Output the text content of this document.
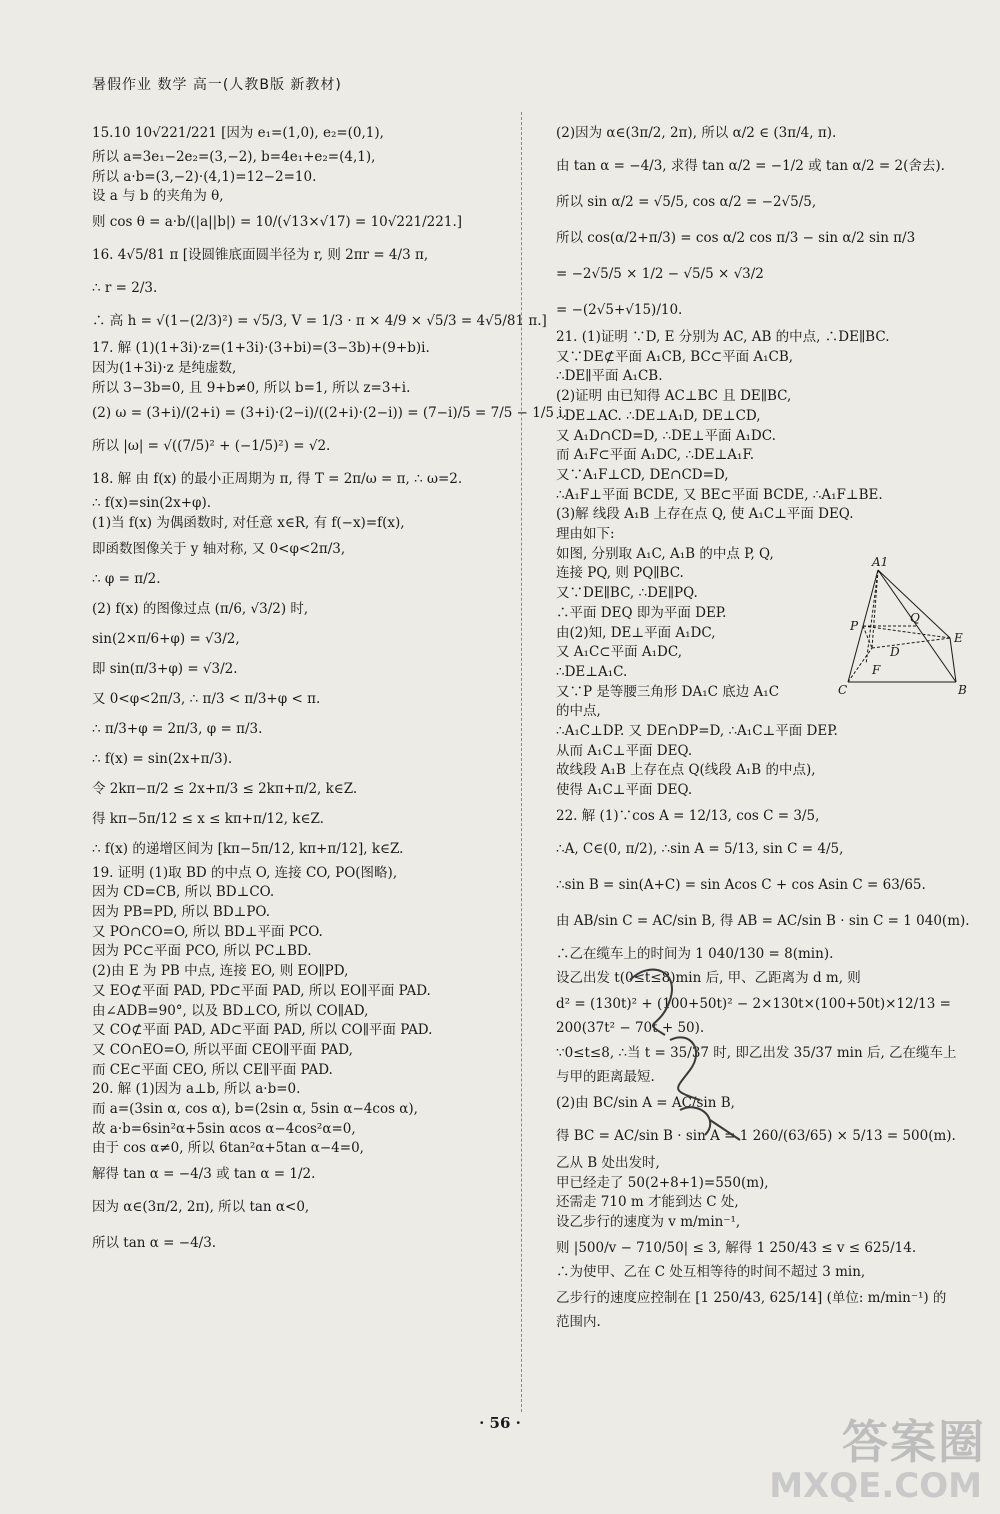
暑假作业 数学 高一(人教B版 新教材)
15.10 10√221/221 [因为 e₁=(1,0), e₂=(0,1),
所以 a=3e₁−2e₂=(3,−2), b=4e₁+e₂=(4,1),
所以 a·b=(3,−2)·(4,1)=12−2=10.
设 a 与 b 的夹角为 θ,
则 cos θ = a·b/(|a||b|) = 10/(√13×√17) = 10√221/221.]
16. 4√5/81 π [设圆锥底面圆半径为 r, 则 2πr = 4/3 π,
∴ r = 2/3.
∴ 高 h = √(1−(2/3)²) = √5/3, V = 1/3 · π × 4/9 × √5/3 = 4√5/81 π.]
17. 解 (1)(1+3i)·z=(1+3i)·(3+bi)=(3−3b)+(9+b)i.
因为(1+3i)·z 是纯虚数,
所以 3−3b=0, 且 9+b≠0, 所以 b=1, 所以 z=3+i.
(2) ω = (3+i)/(2+i) = (3+i)·(2−i)/((2+i)·(2−i)) = (7−i)/5 = 7/5 − 1/5 i.
所以 |ω| = √((7/5)² + (−1/5)²) = √2.
18. 解 由 f(x) 的最小正周期为 π, 得 T = 2π/ω = π, ∴ ω=2.
∴ f(x)=sin(2x+φ).
(1)当 f(x) 为偶函数时, 对任意 x∈R, 有 f(−x)=f(x),
即函数图像关于 y 轴对称, 又 0<φ<2π/3,
∴ φ = π/2.
(2) f(x) 的图像过点 (π/6, √3/2) 时,
sin(2×π/6+φ) = √3/2,
即 sin(π/3+φ) = √3/2.
又 0<φ<2π/3, ∴ π/3 < π/3+φ < π.
∴ π/3+φ = 2π/3, φ = π/3.
∴ f(x) = sin(2x+π/3).
令 2kπ−π/2 ≤ 2x+π/3 ≤ 2kπ+π/2, k∈Z.
得 kπ−5π/12 ≤ x ≤ kπ+π/12, k∈Z.
∴ f(x) 的递增区间为 [kπ−5π/12, kπ+π/12], k∈Z.
19. 证明 (1)取 BD 的中点 O, 连接 CO, PO(图略),
因为 CD=CB, 所以 BD⊥CO.
因为 PB=PD, 所以 BD⊥PO.
又 PO∩CO=O, 所以 BD⊥平面 PCO.
因为 PC⊂平面 PCO, 所以 PC⊥BD.
(2)由 E 为 PB 中点, 连接 EO, 则 EO∥PD,
又 EO⊄平面 PAD, PD⊂平面 PAD, 所以 EO∥平面 PAD.
由∠ADB=90°, 以及 BD⊥CO, 所以 CO∥AD,
又 CO⊄平面 PAD, AD⊂平面 PAD, 所以 CO∥平面 PAD.
又 CO∩EO=O, 所以平面 CEO∥平面 PAD,
而 CE⊂平面 CEO, 所以 CE∥平面 PAD.
20. 解 (1)因为 a⊥b, 所以 a·b=0.
而 a=(3sin α, cos α), b=(2sin α, 5sin α−4cos α),
故 a·b=6sin²α+5sin αcos α−4cos²α=0,
由于 cos α≠0, 所以 6tan²α+5tan α−4=0,
解得 tan α = −4/3 或 tan α = 1/2.
因为 α∈(3π/2, 2π), 所以 tan α<0,
所以 tan α = −4/3.
(2)因为 α∈(3π/2, 2π), 所以 α/2 ∈ (3π/4, π).
由 tan α = −4/3, 求得 tan α/2 = −1/2 或 tan α/2 = 2(舍去).
所以 sin α/2 = √5/5, cos α/2 = −2√5/5,
所以 cos(α/2+π/3) = cos α/2 cos π/3 − sin α/2 sin π/3
= −2√5/5 × 1/2 − √5/5 × √3/2
= −(2√5+√15)/10.
21. (1)证明 ∵D, E 分别为 AC, AB 的中点, ∴DE∥BC.
又∵DE⊄平面 A₁CB, BC⊂平面 A₁CB,
∴DE∥平面 A₁CB.
(2)证明 由已知得 AC⊥BC 且 DE∥BC,
∴DE⊥AC. ∴DE⊥A₁D, DE⊥CD,
又 A₁D∩CD=D, ∴DE⊥平面 A₁DC.
而 A₁F⊂平面 A₁DC, ∴DE⊥A₁F.
又∵A₁F⊥CD, DE∩CD=D,
∴A₁F⊥平面 BCDE, 又 BE⊂平面 BCDE, ∴A₁F⊥BE.
(3)解 线段 A₁B 上存在点 Q, 使 A₁C⊥平面 DEQ.
理由如下:
如图, 分别取 A₁C, A₁B 的中点 P, Q,
连接 PQ, 则 PQ∥BC.
又∵DE∥BC, ∴DE∥PQ.
∴平面 DEQ 即为平面 DEP.
由(2)知, DE⊥平面 A₁DC,
又 A₁C⊂平面 A₁DC,
∴DE⊥A₁C.
又∵P 是等腰三角形 DA₁C 底边 A₁C
的中点,
∴A₁C⊥DP. 又 DE∩DP=D, ∴A₁C⊥平面 DEP.
从而 A₁C⊥平面 DEQ.
故线段 A₁B 上存在点 Q(线段 A₁B 的中点),
使得 A₁C⊥平面 DEQ.
22. 解 (1)∵cos A = 12/13, cos C = 3/5,
∴A, C∈(0, π/2), ∴sin A = 5/13, sin C = 4/5,
∴sin B = sin(A+C) = sin Acos C + cos Asin C = 63/65.
由 AB/sin C = AC/sin B, 得 AB = AC/sin B · sin C = 1 040(m).
∴乙在缆车上的时间为 1 040/130 = 8(min).
设乙出发 t(0≤t≤8)min 后, 甲、乙距离为 d m, 则
d² = (130t)² + (100+50t)² − 2×130t×(100+50t)×12/13 =
200(37t² − 70t + 50).
∵0≤t≤8, ∴当 t = 35/37 时, 即乙出发 35/37 min 后, 乙在缆车上
与甲的距离最短.
(2)由 BC/sin A = AC/sin B,
得 BC = AC/sin B · sin A = 1 260/(63/65) × 5/13 = 500(m).
乙从 B 处出发时,
甲已经走了 50(2+8+1)=550(m),
还需走 710 m 才能到达 C 处,
设乙步行的速度为 v m/min⁻¹,
则 |500/v − 710/50| ≤ 3, 解得 1 250/43 ≤ v ≤ 625/14.
∴为使甲、乙在 C 处互相等待的时间不超过 3 min,
乙步行的速度应控制在 [1 250/43, 625/14] (单位: m/min⁻¹) 的
范围内.
A1
P
Q
E
D
F
C	B
· 56 ·	答案圈
MXQE.COM
